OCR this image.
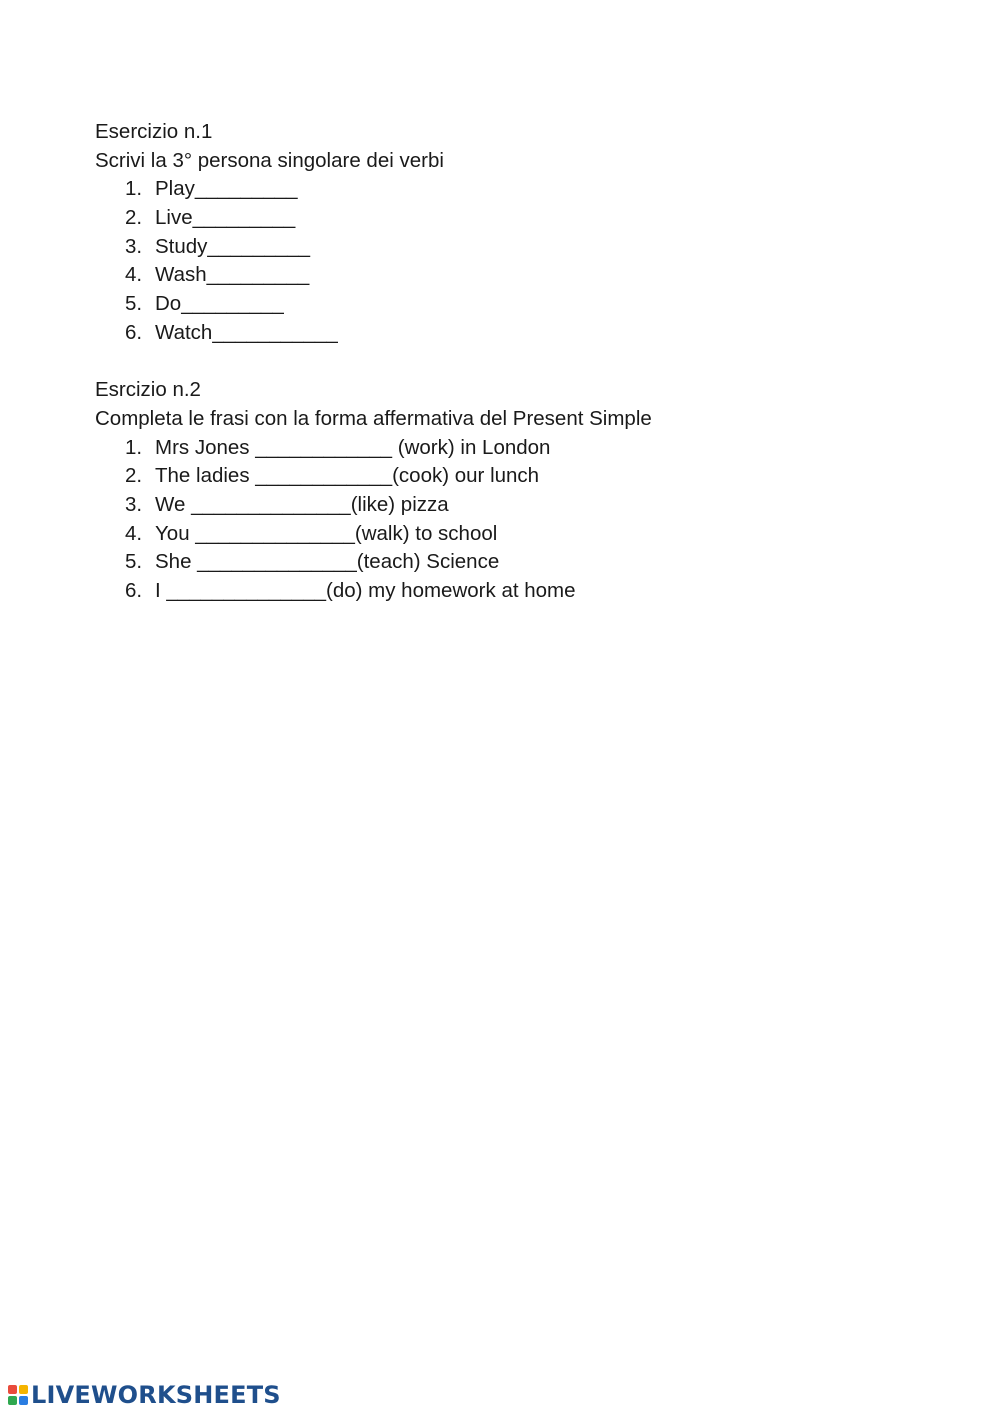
Esercizio n.1
Scrivi la 3° persona singolare dei verbi
1. Play_________
2. Live_________
3. Study_________
4. Wash_________
5. Do_________
6. Watch___________
Esrcizio n.2
Completa le frasi con la forma affermativa del Present Simple
1. Mrs Jones ____________ (work) in London
2. The ladies ____________(cook) our lunch
3. We ______________(like) pizza
4. You ______________(walk) to school
5. She ______________(teach) Science
6. I ______________(do) my homework at home
LIVEWORKSHEETS
